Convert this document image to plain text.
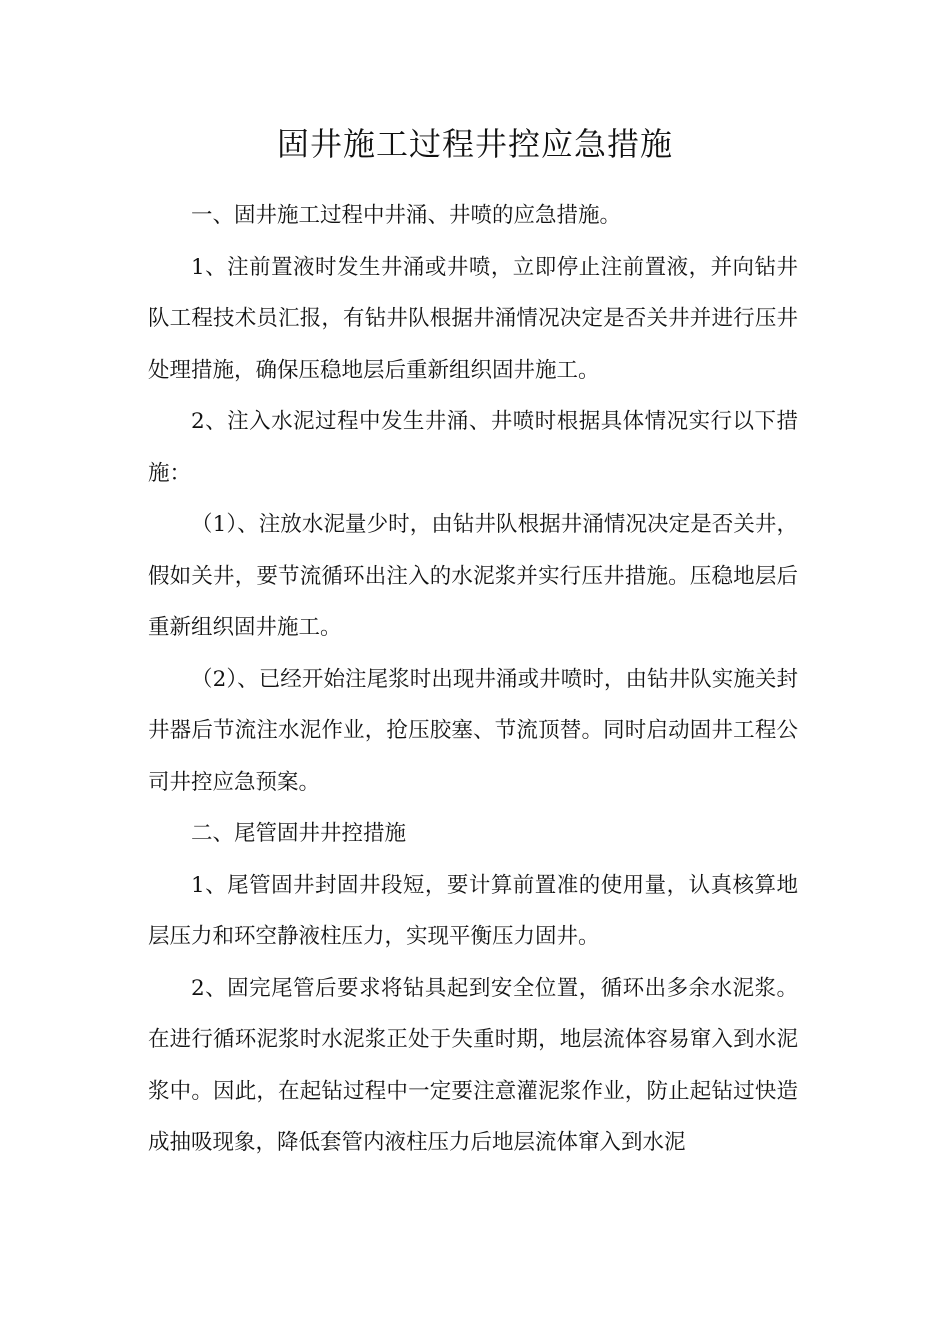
固井施工过程井控应急措施

一、固井施工过程中井涌、井喷的应急措施。

1、注前置液时发生井涌或井喷，立即停止注前置液，并向钻井队工程技术员汇报，有钻井队根据井涌情况决定是否关井并进行压井处理措施，确保压稳地层后重新组织固井施工。

2、注入水泥过程中发生井涌、井喷时根据具体情况实行以下措施：

（1）、注放水泥量少时，由钻井队根据井涌情况决定是否关井，假如关井，要节流循环出注入的水泥浆并实行压井措施。压稳地层后重新组织固井施工。

（2）、已经开始注尾浆时出现井涌或井喷时，由钻井队实施关封井器后节流注水泥作业，抢压胶塞、节流顶替。同时启动固井工程公司井控应急预案。

二、尾管固井井控措施

1、尾管固井封固井段短，要计算前置准的使用量，认真核算地层压力和环空静液柱压力，实现平衡压力固井。

2、固完尾管后要求将钻具起到安全位置，循环出多余水泥浆。在进行循环泥浆时水泥浆正处于失重时期，地层流体容易窜入到水泥浆中。因此，在起钻过程中一定要注意灌泥浆作业，防止起钻过快造成抽吸现象，降低套管内液柱压力后地层流体窜入到水泥
